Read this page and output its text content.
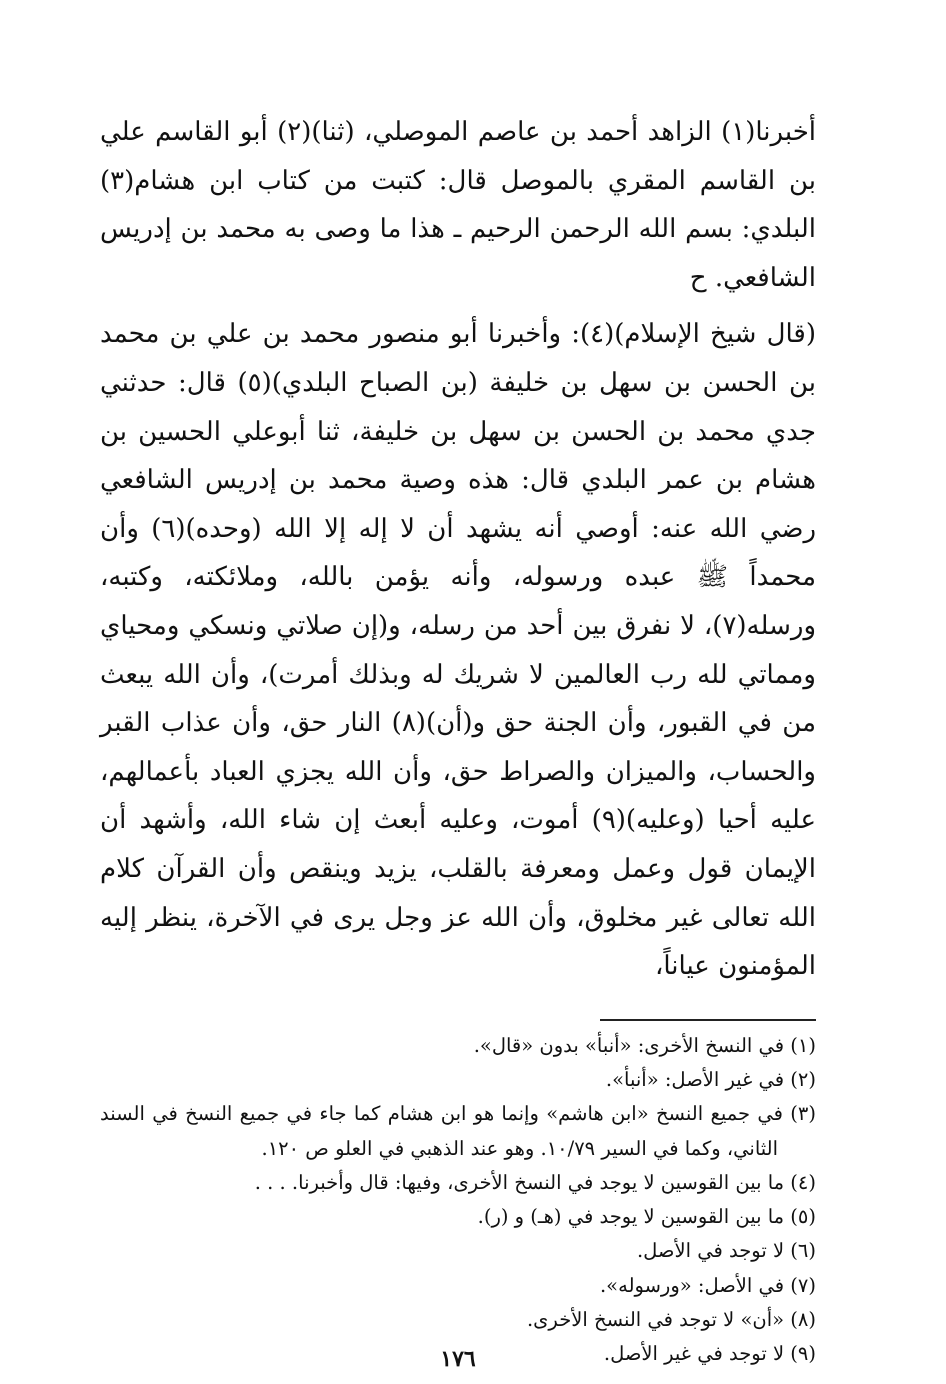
أخبرنا(١) الزاهد أحمد بن عاصم الموصلي، (ثنا)(٢) أبو القاسم علي بن القاسم المقري بالموصل قال: كتبت من كتاب ابن هشام(٣) البلدي: بسم الله الرحمن الرحيم ـ هذا ما وصى به محمد بن إدريس الشافعي. ح

(قال شيخ الإسلام)(٤): وأخبرنا أبو منصور محمد بن علي بن محمد بن الحسن بن سهل بن خليفة (بن الصباح البلدي)(٥) قال: حدثني جدي محمد بن الحسن بن سهل بن خليفة، ثنا أبوعلي الحسين بن هشام بن عمر البلدي قال: هذه وصية محمد بن إدريس الشافعي رضي الله عنه: أوصي أنه يشهد أن لا إله إلا الله (وحده)(٦) وأن محمداً ﷺ عبده ورسوله، وأنه يؤمن بالله، وملائكته، وكتبه، ورسله(٧)، لا نفرق بين أحد من رسله، و(إن صلاتي ونسكي ومحياي ومماتي لله رب العالمين لا شريك له وبذلك أمرت)، وأن الله يبعث من في القبور، وأن الجنة حق و(أن)(٨) النار حق، وأن عذاب القبر والحساب، والميزان والصراط حق، وأن الله يجزي العباد بأعمالهم، عليه أحيا (وعليه)(٩) أموت، وعليه أبعث إن شاء الله، وأشهد أن الإيمان قول وعمل ومعرفة بالقلب، يزيد وينقص وأن القرآن كلام الله تعالى غير مخلوق، وأن الله عز وجل يرى في الآخرة، ينظر إليه المؤمنون عياناً،

(١) في النسخ الأخرى: «أنبأ» بدون «قال».

(٢) في غير الأصل: «أنبأ».

(٣) في جميع النسخ «ابن هاشم» وإنما هو ابن هشام كما جاء في جميع النسخ في السند الثاني، وكما في السير ١٠/٧٩. وهو عند الذهبي في العلو ص ١٢٠.

(٤) ما بين القوسين لا يوجد في النسخ الأخرى، وفيها: قال وأخبرنا. . . .

(٥) ما بين القوسين لا يوجد في (هـ) و (ر).

(٦) لا توجد في الأصل.

(٧) في الأصل: «ورسوله».

(٨) «أن» لا توجد في النسخ الأخرى.

(٩) لا توجد في غير الأصل.

١٧٦
